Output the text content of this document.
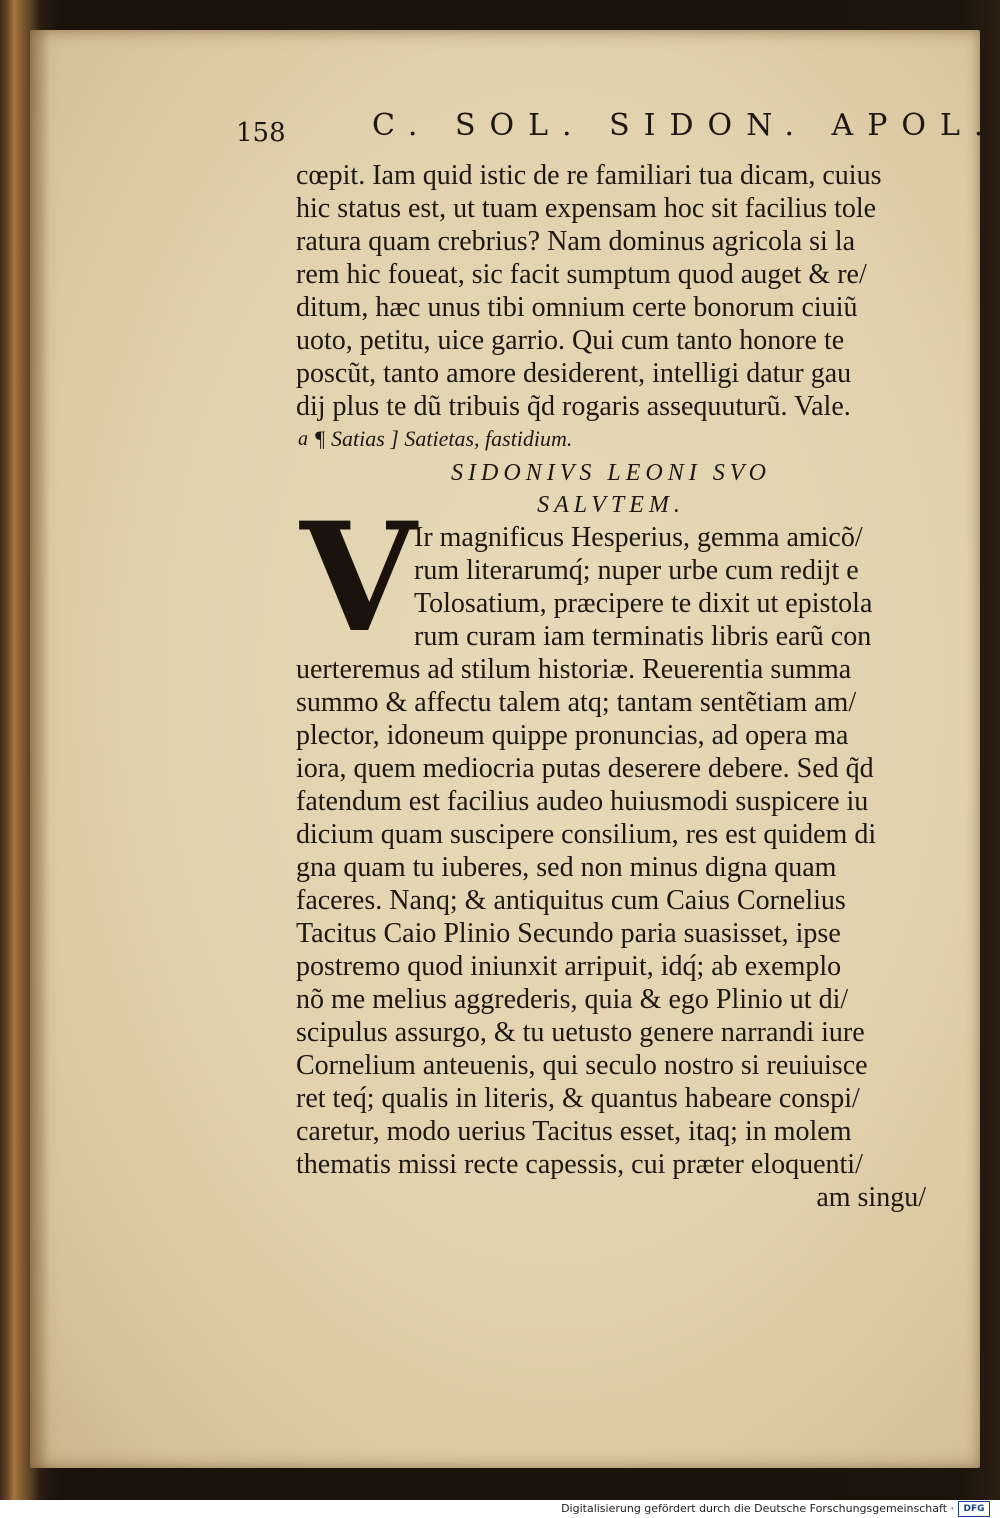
158	C. SOL. SIDON. APOL.
cœpit. Iam quid istic de re familiari tua dicam, cuius
hic status est, ut tuam expensam hoc sit facilius tole
ratura quam crebrius? Nam dominus agricola si la
rem hic foueat, sic facit sumptum quod auget & re/
ditum, hæc unus tibi omnium certe bonorum ciuiũ
uoto, petitu, uice garrio. Qui cum tanto honore te
poscũt, tanto amore desiderent, intelligi datur gau
dij plus te dũ tribuis q̃d rogaris assequuturũ. Vale.
a ¶ Satias ] Satietas, fastidium.
SIDONIVS LEONI SVO
SALVTEM.
V
Ir magnificus Hesperius, gemma amicõ/
rum literarumq́; nuper urbe cum redijt e
Tolosatium, præcipere te dixit ut epistola
rum curam iam terminatis libris earũ con
uerteremus ad stilum historiæ. Reuerentia summa
summo & affectu talem atq; tantam sentẽtiam am/
plector, idoneum quippe pronuncias, ad opera ma
iora, quem mediocria putas deserere debere. Sed q̃d
fatendum est facilius audeo huiusmodi suspicere iu
dicium quam suscipere consilium, res est quidem di
gna quam tu iuberes, sed non minus digna quam
faceres. Nanq; & antiquitus cum Caius Cornelius
Tacitus Caio Plinio Secundo paria suasisset, ipse
postremo quod iniunxit arripuit, idq́; ab exemplo
nõ me melius aggrederis, quia & ego Plinio ut di/
scipulus assurgo, & tu uetusto genere narrandi iure
Cornelium anteuenis, qui seculo nostro si reuiuisce
ret teq́; qualis in literis, & quantus habeare conspi/
caretur, modo uerius Tacitus esset, itaq; in molem
thematis missi recte capessis, cui præter eloquenti/
am singu/
Digitalisierung gefördert durch die Deutsche Forschungsgemeinschaft ·	DFG
